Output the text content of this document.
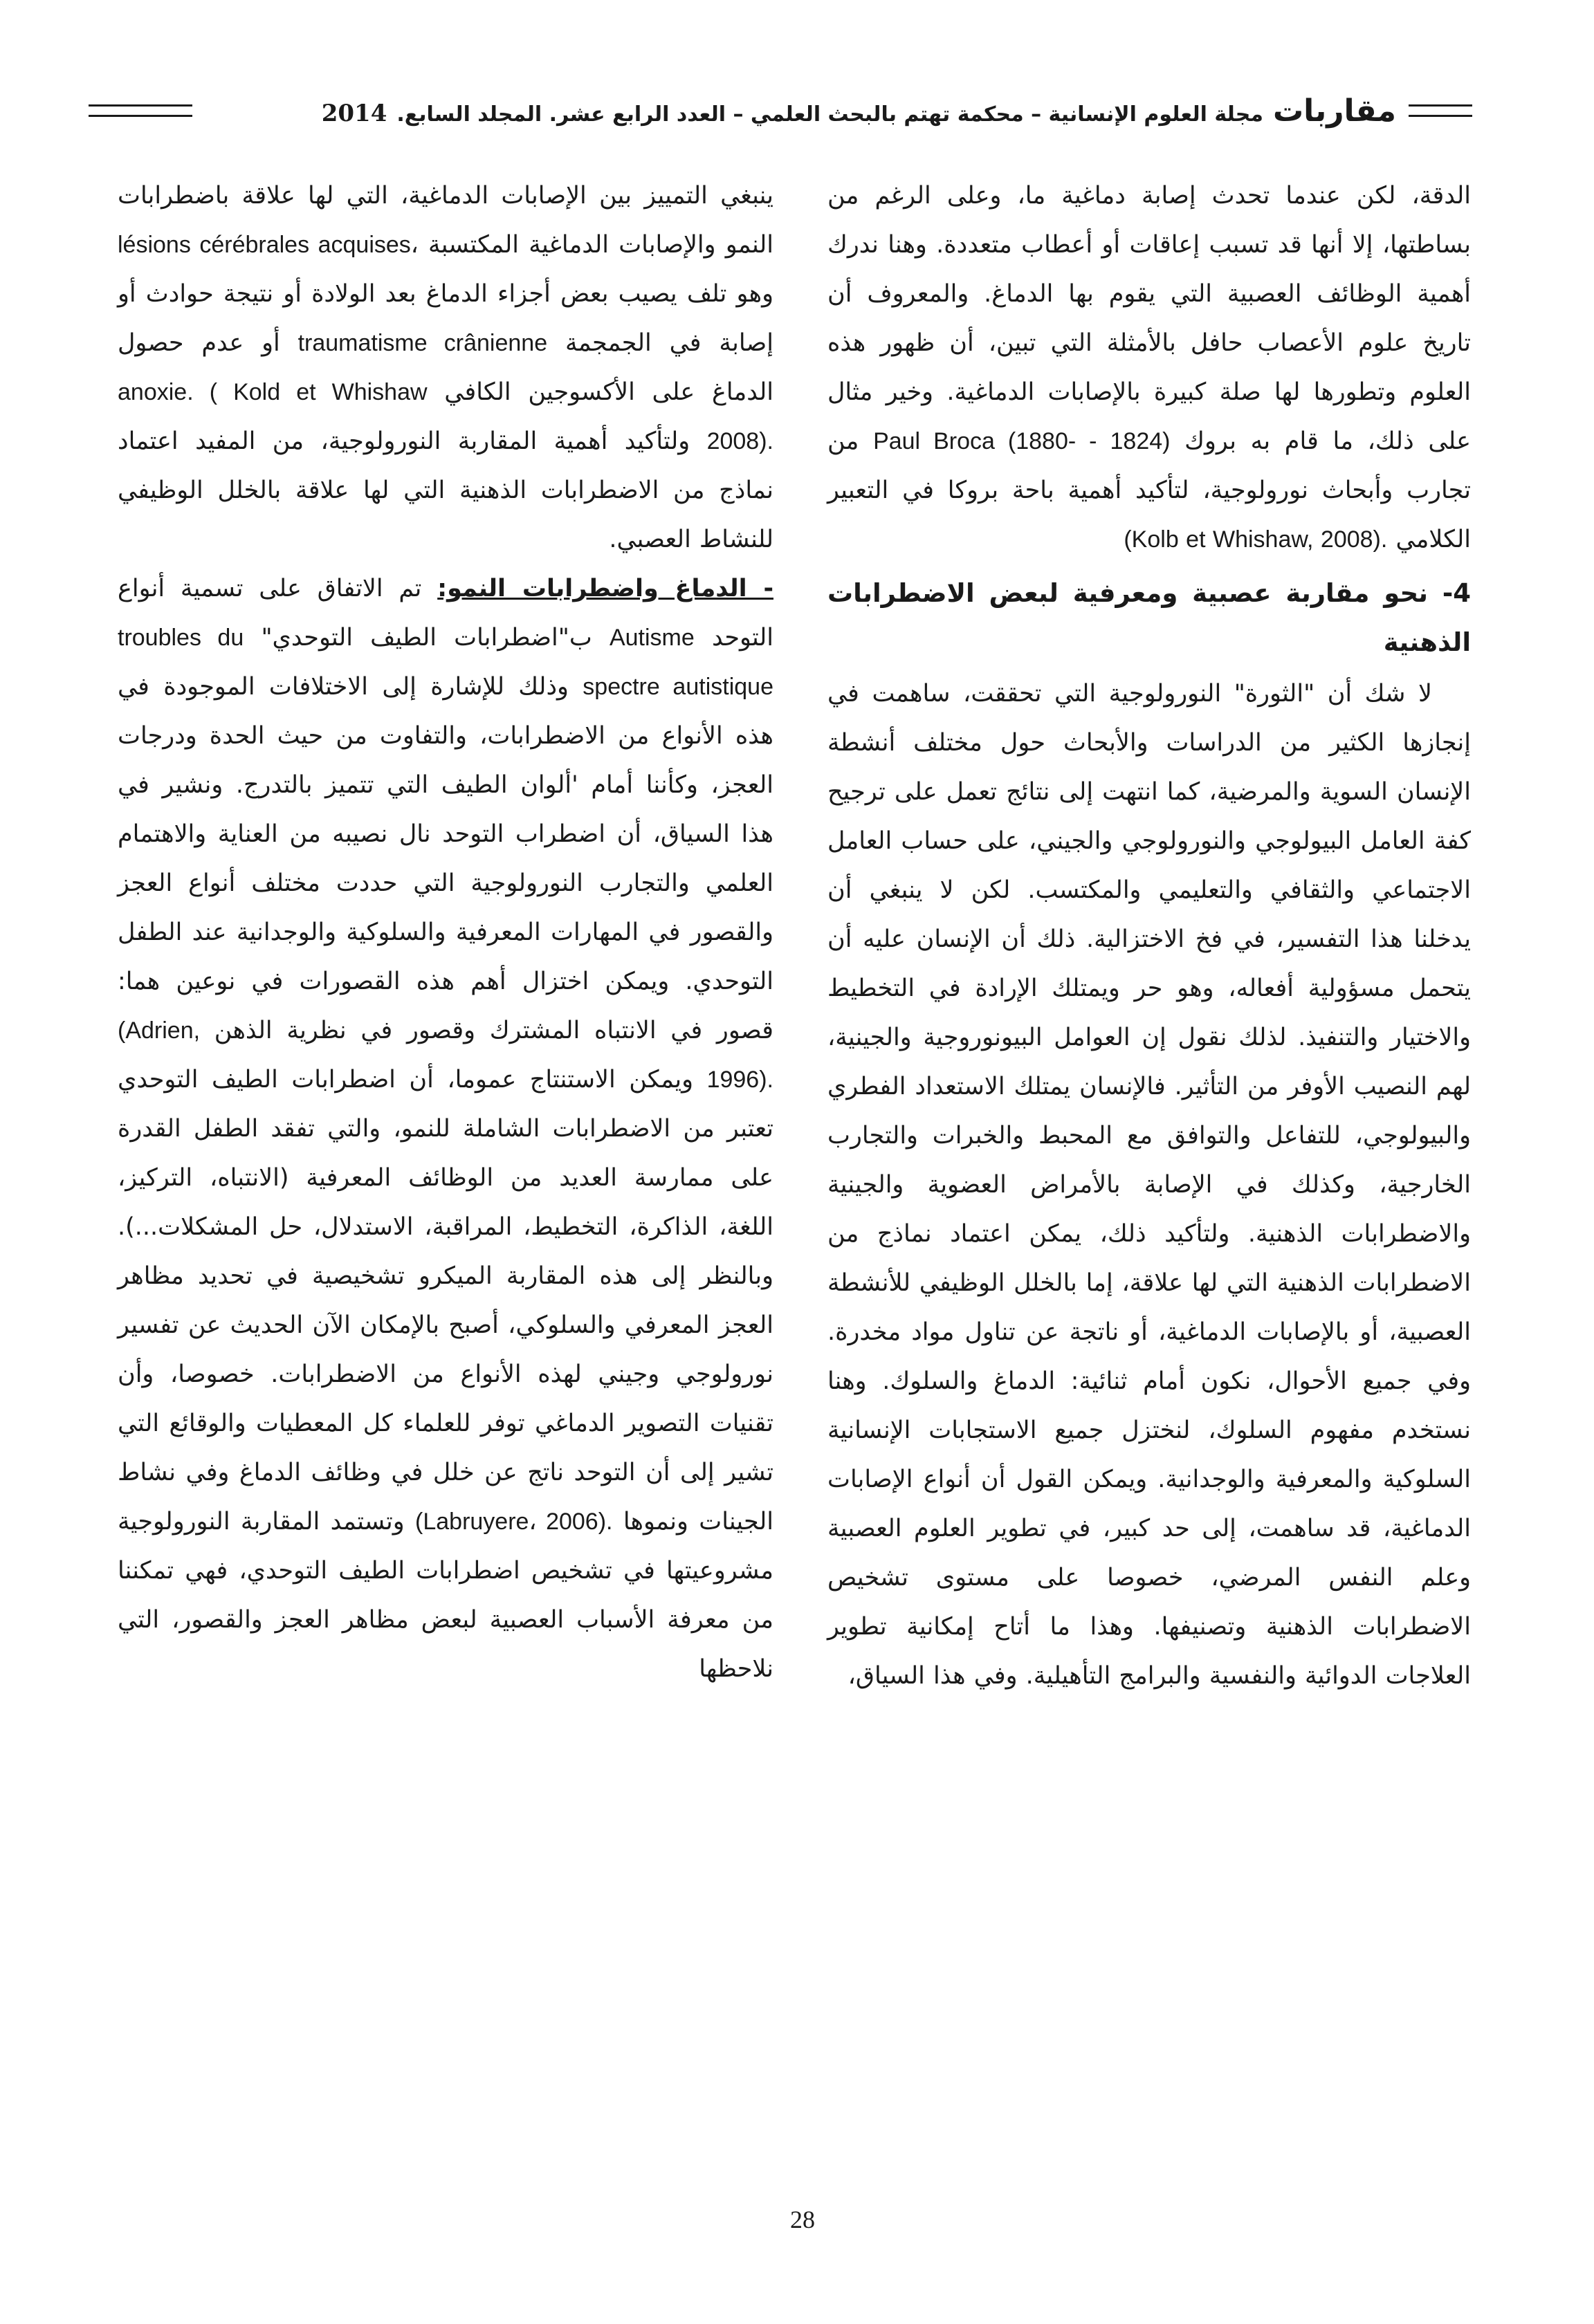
مقاربات
مجلة العلوم الإنسانية – محكمة تهتم بالبحث العلمي – العدد الرابع عشر. المجلد السابع.
2014

الدقة، لكن عندما تحدث إصابة دماغية ما، وعلى الرغم من بساطتها، إلا أنها قد تسبب إعاقات أو أعطاب متعددة. وهنا ندرك أهمية الوظائف العصبية التي يقوم بها الدماغ. والمعروف أن تاريخ علوم الأعصاب حافل بالأمثلة التي تبين، أن ظهور هذه العلوم وتطورها لها صلة كبيرة بالإصابات الدماغية. وخير مثال على ذلك، ما قام به بروك Paul Broca (1880- - 1824) من تجارب وأبحاث نورولوجية، لتأكيد أهمية باحة بروكا في التعبير الكلامي (Kolb et Whishaw, 2008).

4- نحو مقاربة عصبية ومعرفية لبعض الاضطرابات الذهنية

لا شك أن "الثورة" النورولوجية التي تحققت، ساهمت في إنجازها الكثير من الدراسات والأبحاث حول مختلف أنشطة الإنسان السوية والمرضية، كما انتهت إلى نتائج تعمل على ترجيح كفة العامل البيولوجي والنورولوجي والجيني، على حساب العامل الاجتماعي والثقافي والتعليمي والمكتسب. لكن لا ينبغي أن يدخلنا هذا التفسير، في فخ الاختزالية. ذلك أن الإنسان عليه أن يتحمل مسؤولية أفعاله، وهو حر ويمتلك الإرادة في التخطيط والاختيار والتنفيذ. لذلك نقول إن العوامل البيونوروجية والجينية، لهم النصيب الأوفر من التأثير. فالإنسان يمتلك الاستعداد الفطري والبيولوجي، للتفاعل والتوافق مع المحبط والخبرات والتجارب الخارجية، وكذلك في الإصابة بالأمراض العضوية والجينية والاضطرابات الذهنية. ولتأكيد ذلك، يمكن اعتماد نماذج من الاضطرابات الذهنية التي لها علاقة، إما بالخلل الوظيفي للأنشطة العصبية، أو بالإصابات الدماغية، أو ناتجة عن تناول مواد مخدرة. وفي جميع الأحوال، نكون أمام ثنائية: الدماغ والسلوك. وهنا نستخدم مفهوم السلوك، لنختزل جميع الاستجابات الإنسانية السلوكية والمعرفية والوجدانية. ويمكن القول أن أنواع الإصابات الدماغية، قد ساهمت، إلى حد كبير، في تطوير العلوم العصبية وعلم النفس المرضي، خصوصا على مستوى تشخيص الاضطرابات الذهنية وتصنيفها. وهذا ما أتاح إمكانية تطوير العلاجات الدوائية والنفسية والبرامج التأهيلية. وفي هذا السياق،

ينبغي التمييز بين الإصابات الدماغية، التي لها علاقة باضطرابات النمو والإصابات الدماغية المكتسبة lésions cérébrales acquises، وهو تلف يصيب بعض أجزاء الدماغ بعد الولادة أو نتيجة حوادث أو إصابة في الجمجمة traumatisme crânienne أو عدم حصول الدماغ على الأكسوجين الكافي anoxie. ( Kold et Whishaw 2008). ولتأكيد أهمية المقاربة النورولوجية، من المفيد اعتماد نماذج من الاضطرابات الذهنية التي لها علاقة بالخلل الوظيفي للنشاط العصبي.

- الدماغ واضطرابات النمو: تم الاتفاق على تسمية أنواع التوحد Autisme ب"اضطرابات الطيف التوحدي" troubles du spectre autistique وذلك للإشارة إلى الاختلافات الموجودة في هذه الأنواع من الاضطرابات، والتفاوت من حيث الحدة ودرجات العجز، وكأننا أمام 'ألوان الطيف التي تتميز بالتدرج. ونشير في هذا السياق، أن اضطراب التوحد نال نصيبه من العناية والاهتمام العلمي والتجارب النورولوجية التي حددت مختلف أنواع العجز والقصور في المهارات المعرفية والسلوكية والوجدانية عند الطفل التوحدي. ويمكن اختزال أهم هذه القصورات في نوعين هما: قصور في الانتباه المشترك وقصور في نظرية الذهن (Adrien, 1996). ويمكن الاستنتاج عموما، أن اضطرابات الطيف التوحدي تعتبر من الاضطرابات الشاملة للنمو، والتي تفقد الطفل القدرة على ممارسة العديد من الوظائف المعرفية (الانتباه، التركيز، اللغة، الذاكرة، التخطيط، المراقبة، الاستدلال، حل المشكلات...). وبالنظر إلى هذه المقاربة الميكرو تشخيصية في تحديد مظاهر العجز المعرفي والسلوكي، أصبح بالإمكان الآن الحديث عن تفسير نورولوجي وجيني لهذه الأنواع من الاضطرابات. خصوصا، وأن تقنيات التصوير الدماغي توفر للعلماء كل المعطيات والوقائع التي تشير إلى أن التوحد ناتج عن خلل في وظائف الدماغ وفي نشاط الجينات ونموها (Labruyere، 2006). وتستمد المقاربة النورولوجية مشروعيتها في تشخيص اضطرابات الطيف التوحدي، فهي تمكننا من معرفة الأسباب العصبية لبعض مظاهر العجز والقصور، التي نلاحظها

28
